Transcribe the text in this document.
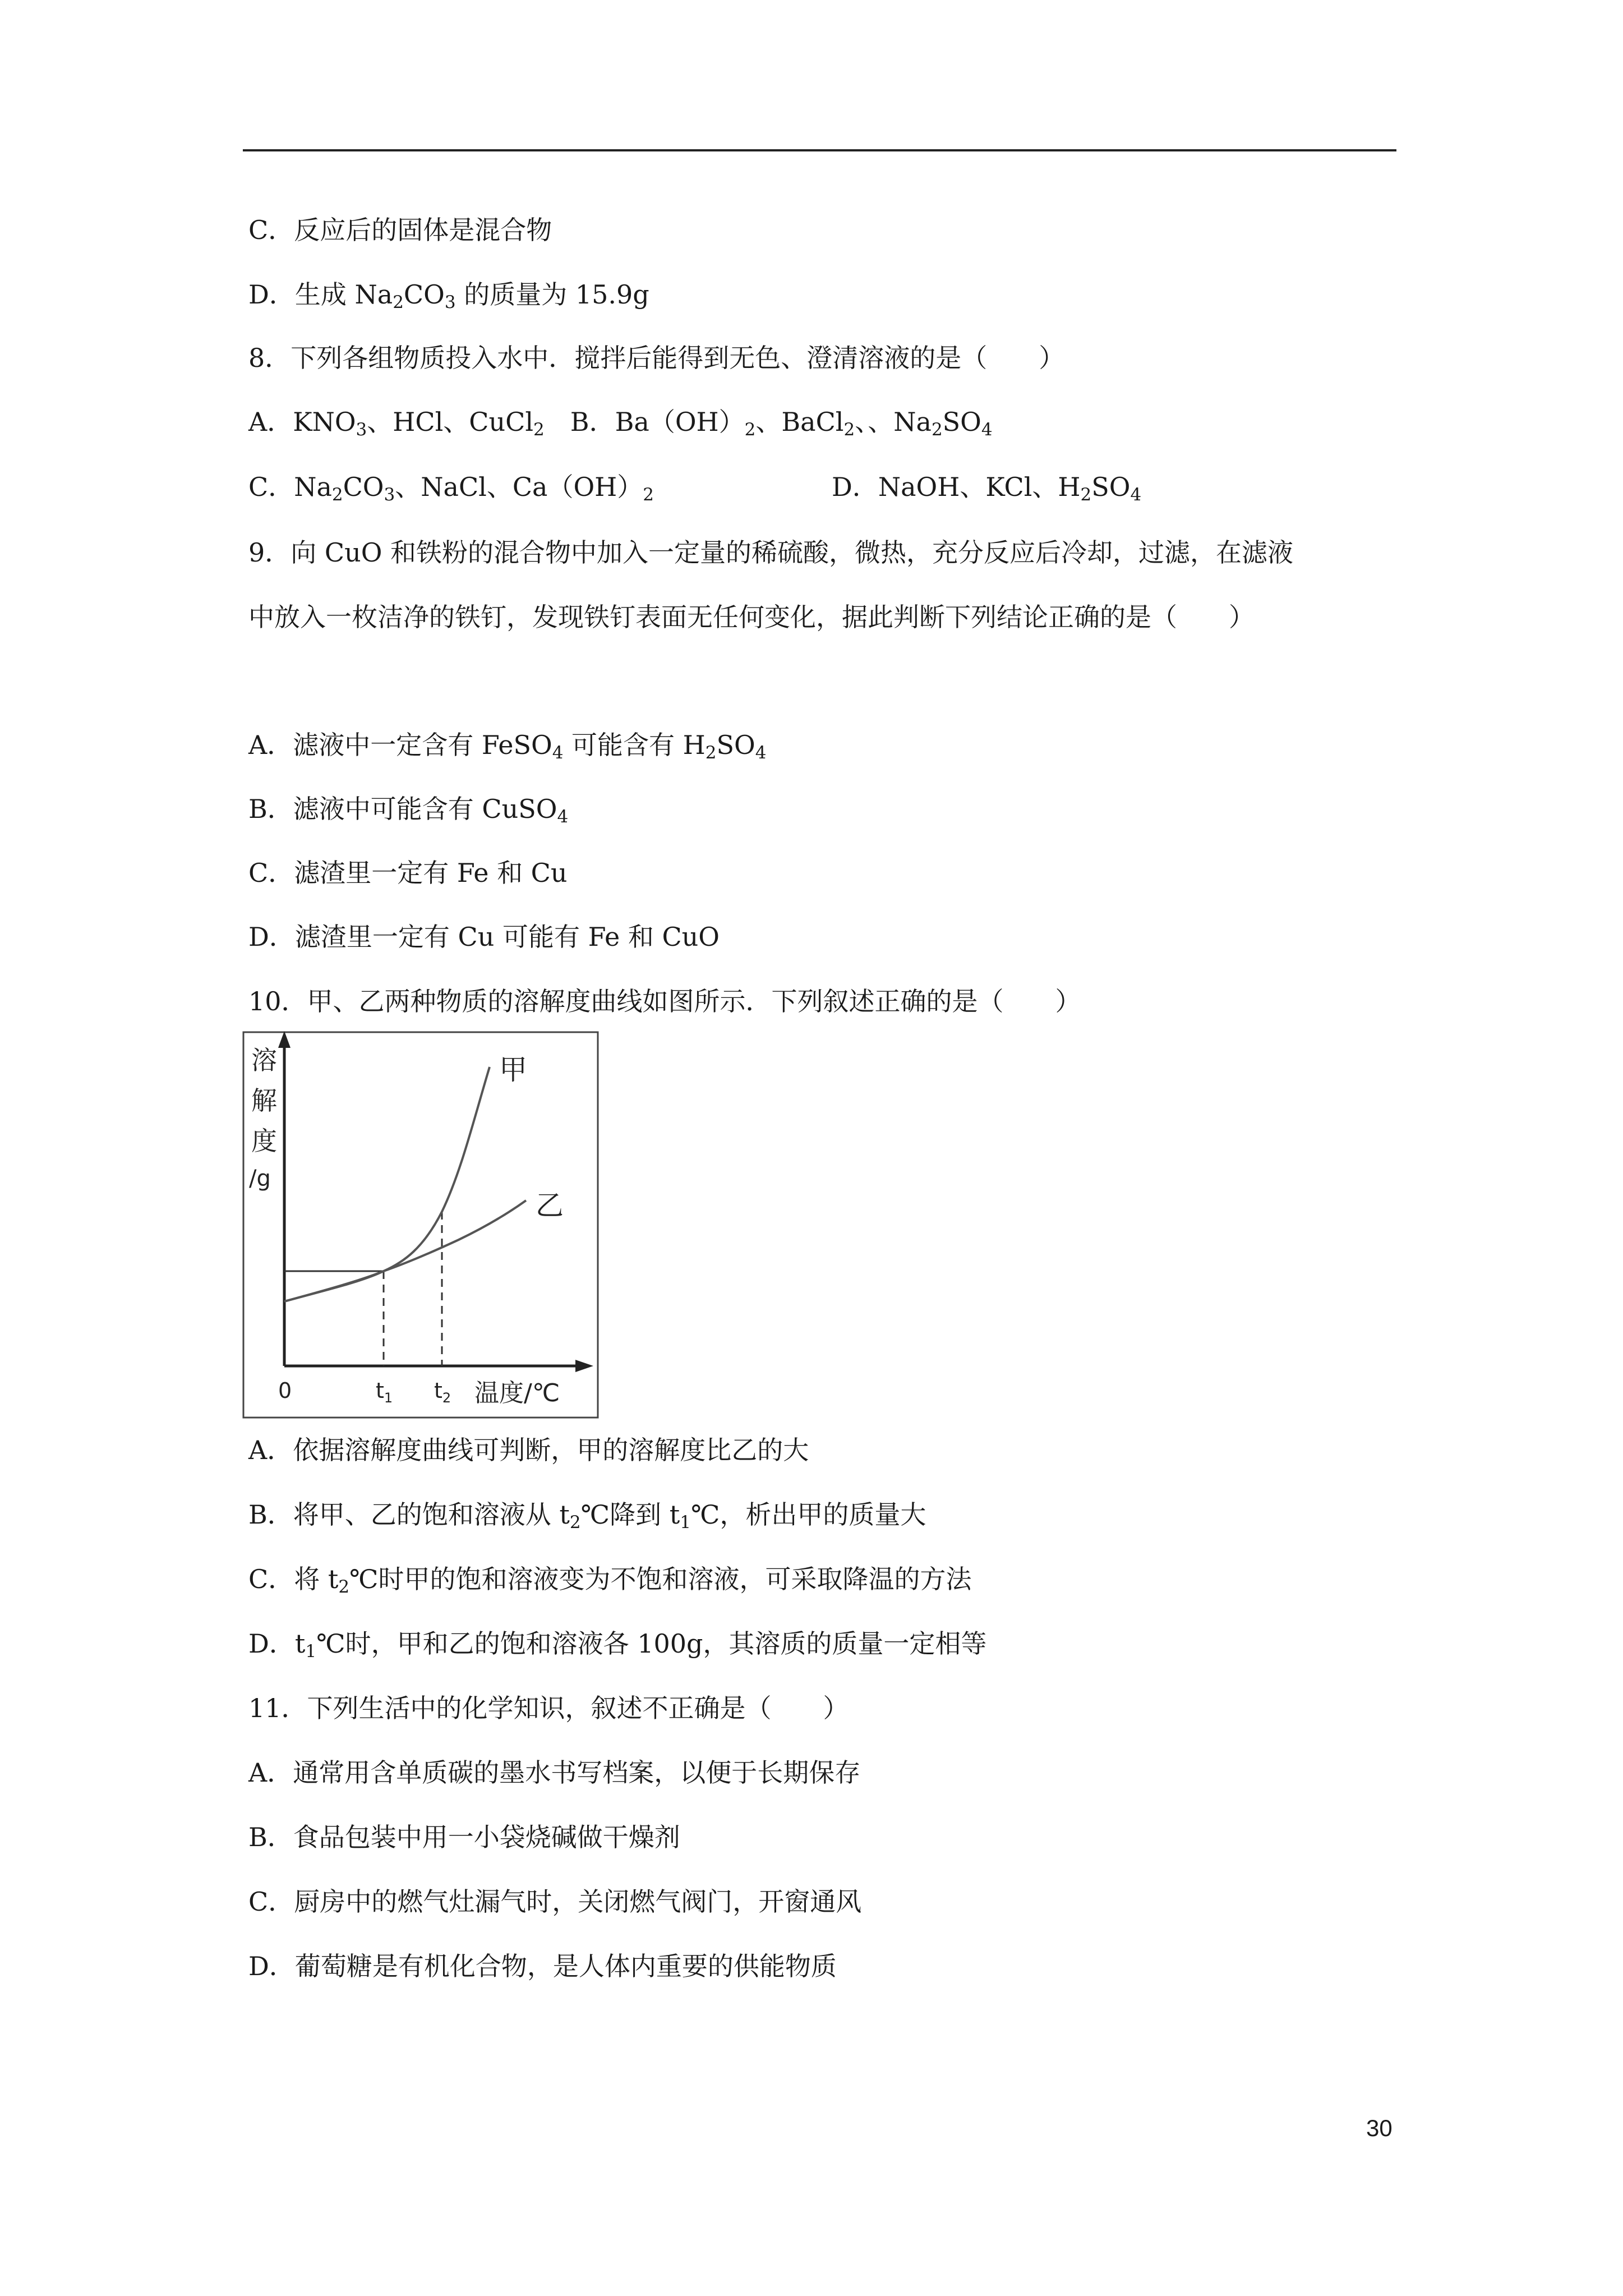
C．反应后的固体是混合物
D．生成 $Na_2CO_3$ 的质量为 15.9g
8．下列各组物质投入水中．搅拌后能得到无色、澄清溶液的是（　　）
A．$KNO_3$、HCl、CuCl$_2$ B．$Ba(OH)_2$、BaCl$_2$、、$Na_2SO_4$
C．$Na_2CO_3$、NaCl、$Ca(OH)_2$	D．NaOH、KCl、$H_2SO_4$
9．向 CuO 和铁粉的混合物中加入一定量的稀硫酸，微热，充分反应后冷却，过滤，在滤液
中放入一枚洁净的铁钉，发现铁钉表面无任何变化，据此判断下列结论正确的是（　　）
A．滤液中一定含有 FeSO$_4$ 可能含有 $H_2SO_4$
B．滤液中可能含有 CuSO$_4$
C．滤渣里一定有 Fe 和 Cu
D．滤渣里一定有 Cu 可能有 Fe 和 CuO
10．甲、乙两种物质的溶解度曲线如图所示．下列叙述正确的是（　　）
溶
解
度
/g
甲
乙
0	$t_1$ $t_2$ 温度/℃
A．依据溶解度曲线可判断，甲的溶解度比乙的大
B．将甲、乙的饱和溶液从 $t_2℃$降到 $t_1℃$，析出甲的质量大
C．将 $t_2℃$时甲的饱和溶液变为不饱和溶液，可采取降温的方法
D．$t_1℃$时，甲和乙的饱和溶液各 100g，其溶质的质量一定相等
11．下列生活中的化学知识，叙述不正确是（　　）
A．通常用含单质碳的墨水书写档案，以便于长期保存
B．食品包装中用一小袋烧碱做干燥剂
C．厨房中的燃气灶漏气时，关闭燃气阀门，开窗通风
D．葡萄糖是有机化合物，是人体内重要的供能物质
30
